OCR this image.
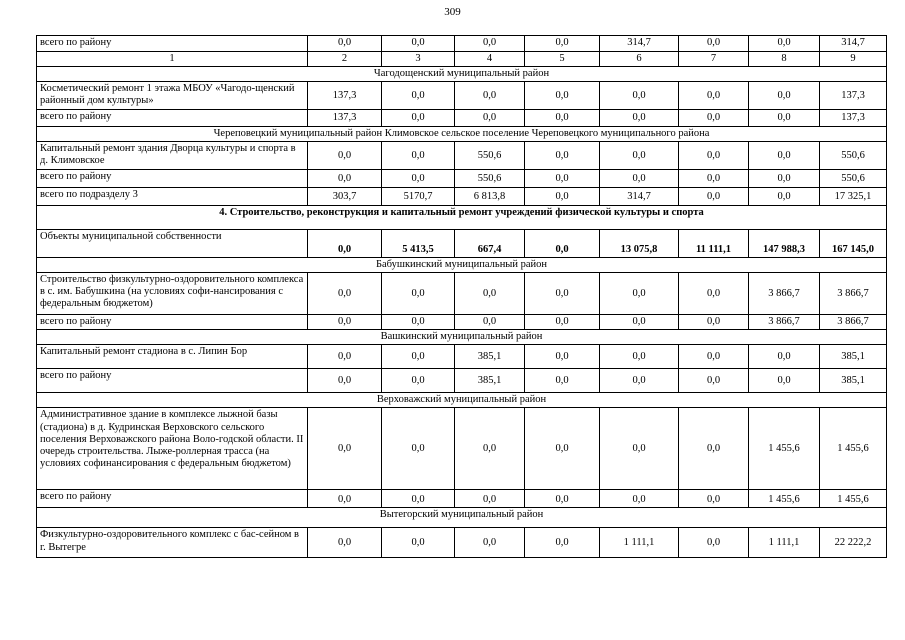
309
всего по району	0,0	0,0	0,0	0,0	314,7	0,0	0,0	314,7
1	2	3	4	5	6	7	8	9
Чагодощенский муниципальный район								
Косметический ремонт 1 этажа МБОУ «Чагодо-щенский районный дом культуры»	137,3	0,0	0,0	0,0	0,0	0,0	0,0	137,3
всего по району	137,3	0,0	0,0	0,0	0,0	0,0	0,0	137,3
Череповецкий муниципальный район Климовское сельское поселение Череповецкого муниципального района								
Капитальный ремонт здания Дворца культуры и спорта в д. Климовское	0,0	0,0	550,6	0,0	0,0	0,0	0,0	550,6
всего по району	0,0	0,0	550,6	0,0	0,0	0,0	0,0	550,6
всего по подразделу 3	303,7	5170,7	6 813,8	0,0	314,7	0,0	0,0	17 325,1
4. Строительство, реконструкция и капитальный ремонт учреждений физической культуры и спорта								
Объекты муниципальной собственности	0,0	5 413,5	667,4	0,0	13 075,8	11 111,1	147 988,3	167 145,0
Бабушкинский муниципальный район								
Строительство физкультурно-оздоровительного комплекса в с. им. Бабушкина (на условиях софи-нансирования с федеральным бюджетом)	0,0	0,0	0,0	0,0	0,0	0,0	3 866,7	3 866,7
всего по району	0,0	0,0	0,0	0,0	0,0	0,0	3 866,7	3 866,7
Вашкинский муниципальный район								
Капитальный ремонт стадиона в с. Липин Бор	0,0	0,0	385,1	0,0	0,0	0,0	0,0	385,1
всего по району	0,0	0,0	385,1	0,0	0,0	0,0	0,0	385,1
Верховажский муниципальный район								
Административное здание в комплексе лыжной базы (стадиона) в д. Кудринская Верховского сельского поселения Верховажского района Воло-годской области. II очередь строительства. Лыже-роллерная трасса (на условиях софинансирования с федеральным бюджетом)	0,0	0,0	0,0	0,0	0,0	0,0	1 455,6	1 455,6
всего по району	0,0	0,0	0,0	0,0	0,0	0,0	1 455,6	1 455,6
Вытегорский муниципальный район								
Физкультурно-оздоровительного комплекс с бас-сейном в г. Вытегре	0,0	0,0	0,0	0,0	1 111,1	0,0	1 111,1	22 222,2
